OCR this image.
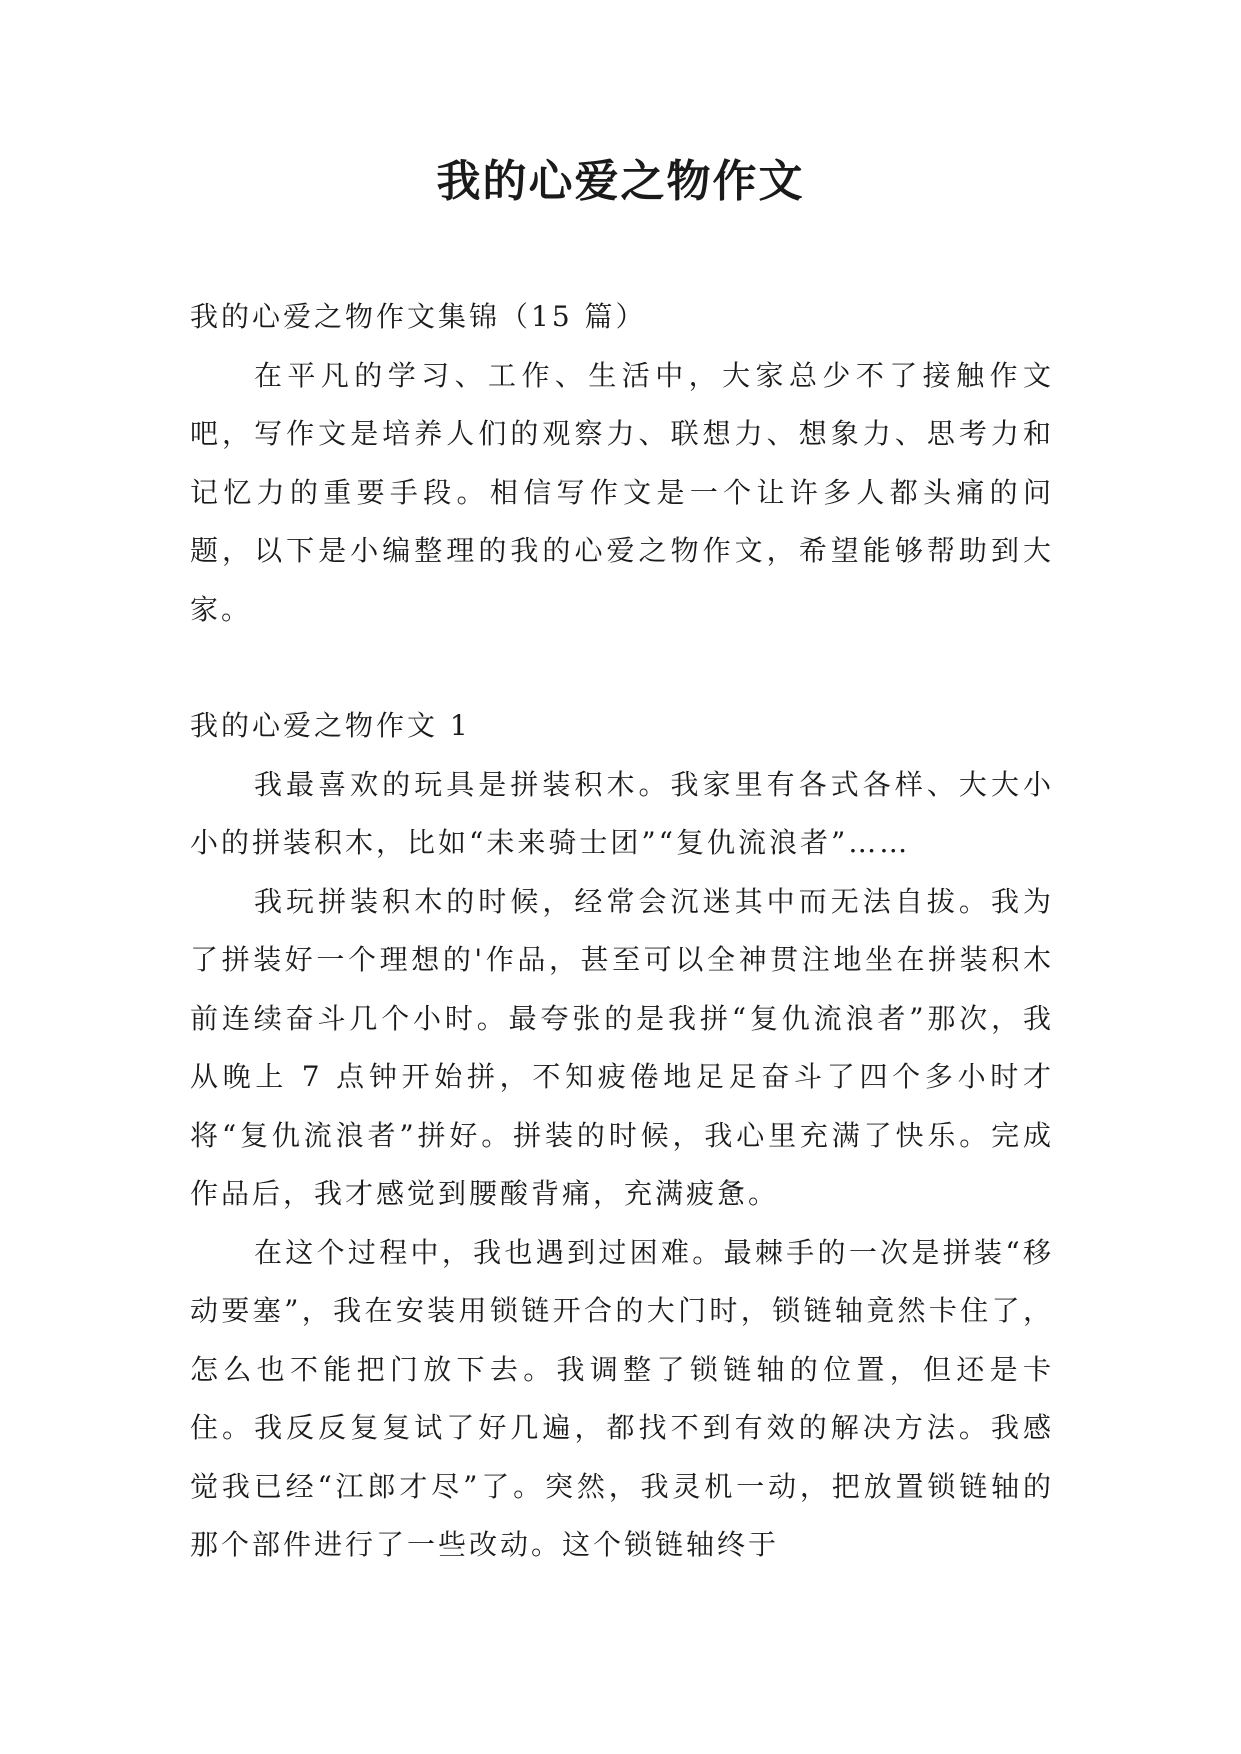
我的心爱之物作文

我的心爱之物作文集锦（15 篇）

在平凡的学习、工作、生活中，大家总少不了接触作文吧，写作文是培养人们的观察力、联想力、想象力、思考力和记忆力的重要手段。相信写作文是一个让许多人都头痛的问题，以下是小编整理的我的心爱之物作文，希望能够帮助到大家。

我的心爱之物作文 1

我最喜欢的玩具是拼装积木。我家里有各式各样、大大小小的拼装积木，比如“未来骑士团”“复仇流浪者”……

我玩拼装积木的时候，经常会沉迷其中而无法自拔。我为了拼装好一个理想的'作品，甚至可以全神贯注地坐在拼装积木前连续奋斗几个小时。最夸张的是我拼“复仇流浪者”那次，我从晚上 7 点钟开始拼，不知疲倦地足足奋斗了四个多小时才将“复仇流浪者”拼好。拼装的时候，我心里充满了快乐。完成作品后，我才感觉到腰酸背痛，充满疲惫。

在这个过程中，我也遇到过困难。最棘手的一次是拼装“移动要塞”，我在安装用锁链开合的大门时，锁链轴竟然卡住了，怎么也不能把门放下去。我调整了锁链轴的位置，但还是卡住。我反反复复试了好几遍，都找不到有效的解决方法。我感觉我已经“江郎才尽”了。突然，我灵机一动，把放置锁链轴的那个部件进行了一些改动。这个锁链轴终于
